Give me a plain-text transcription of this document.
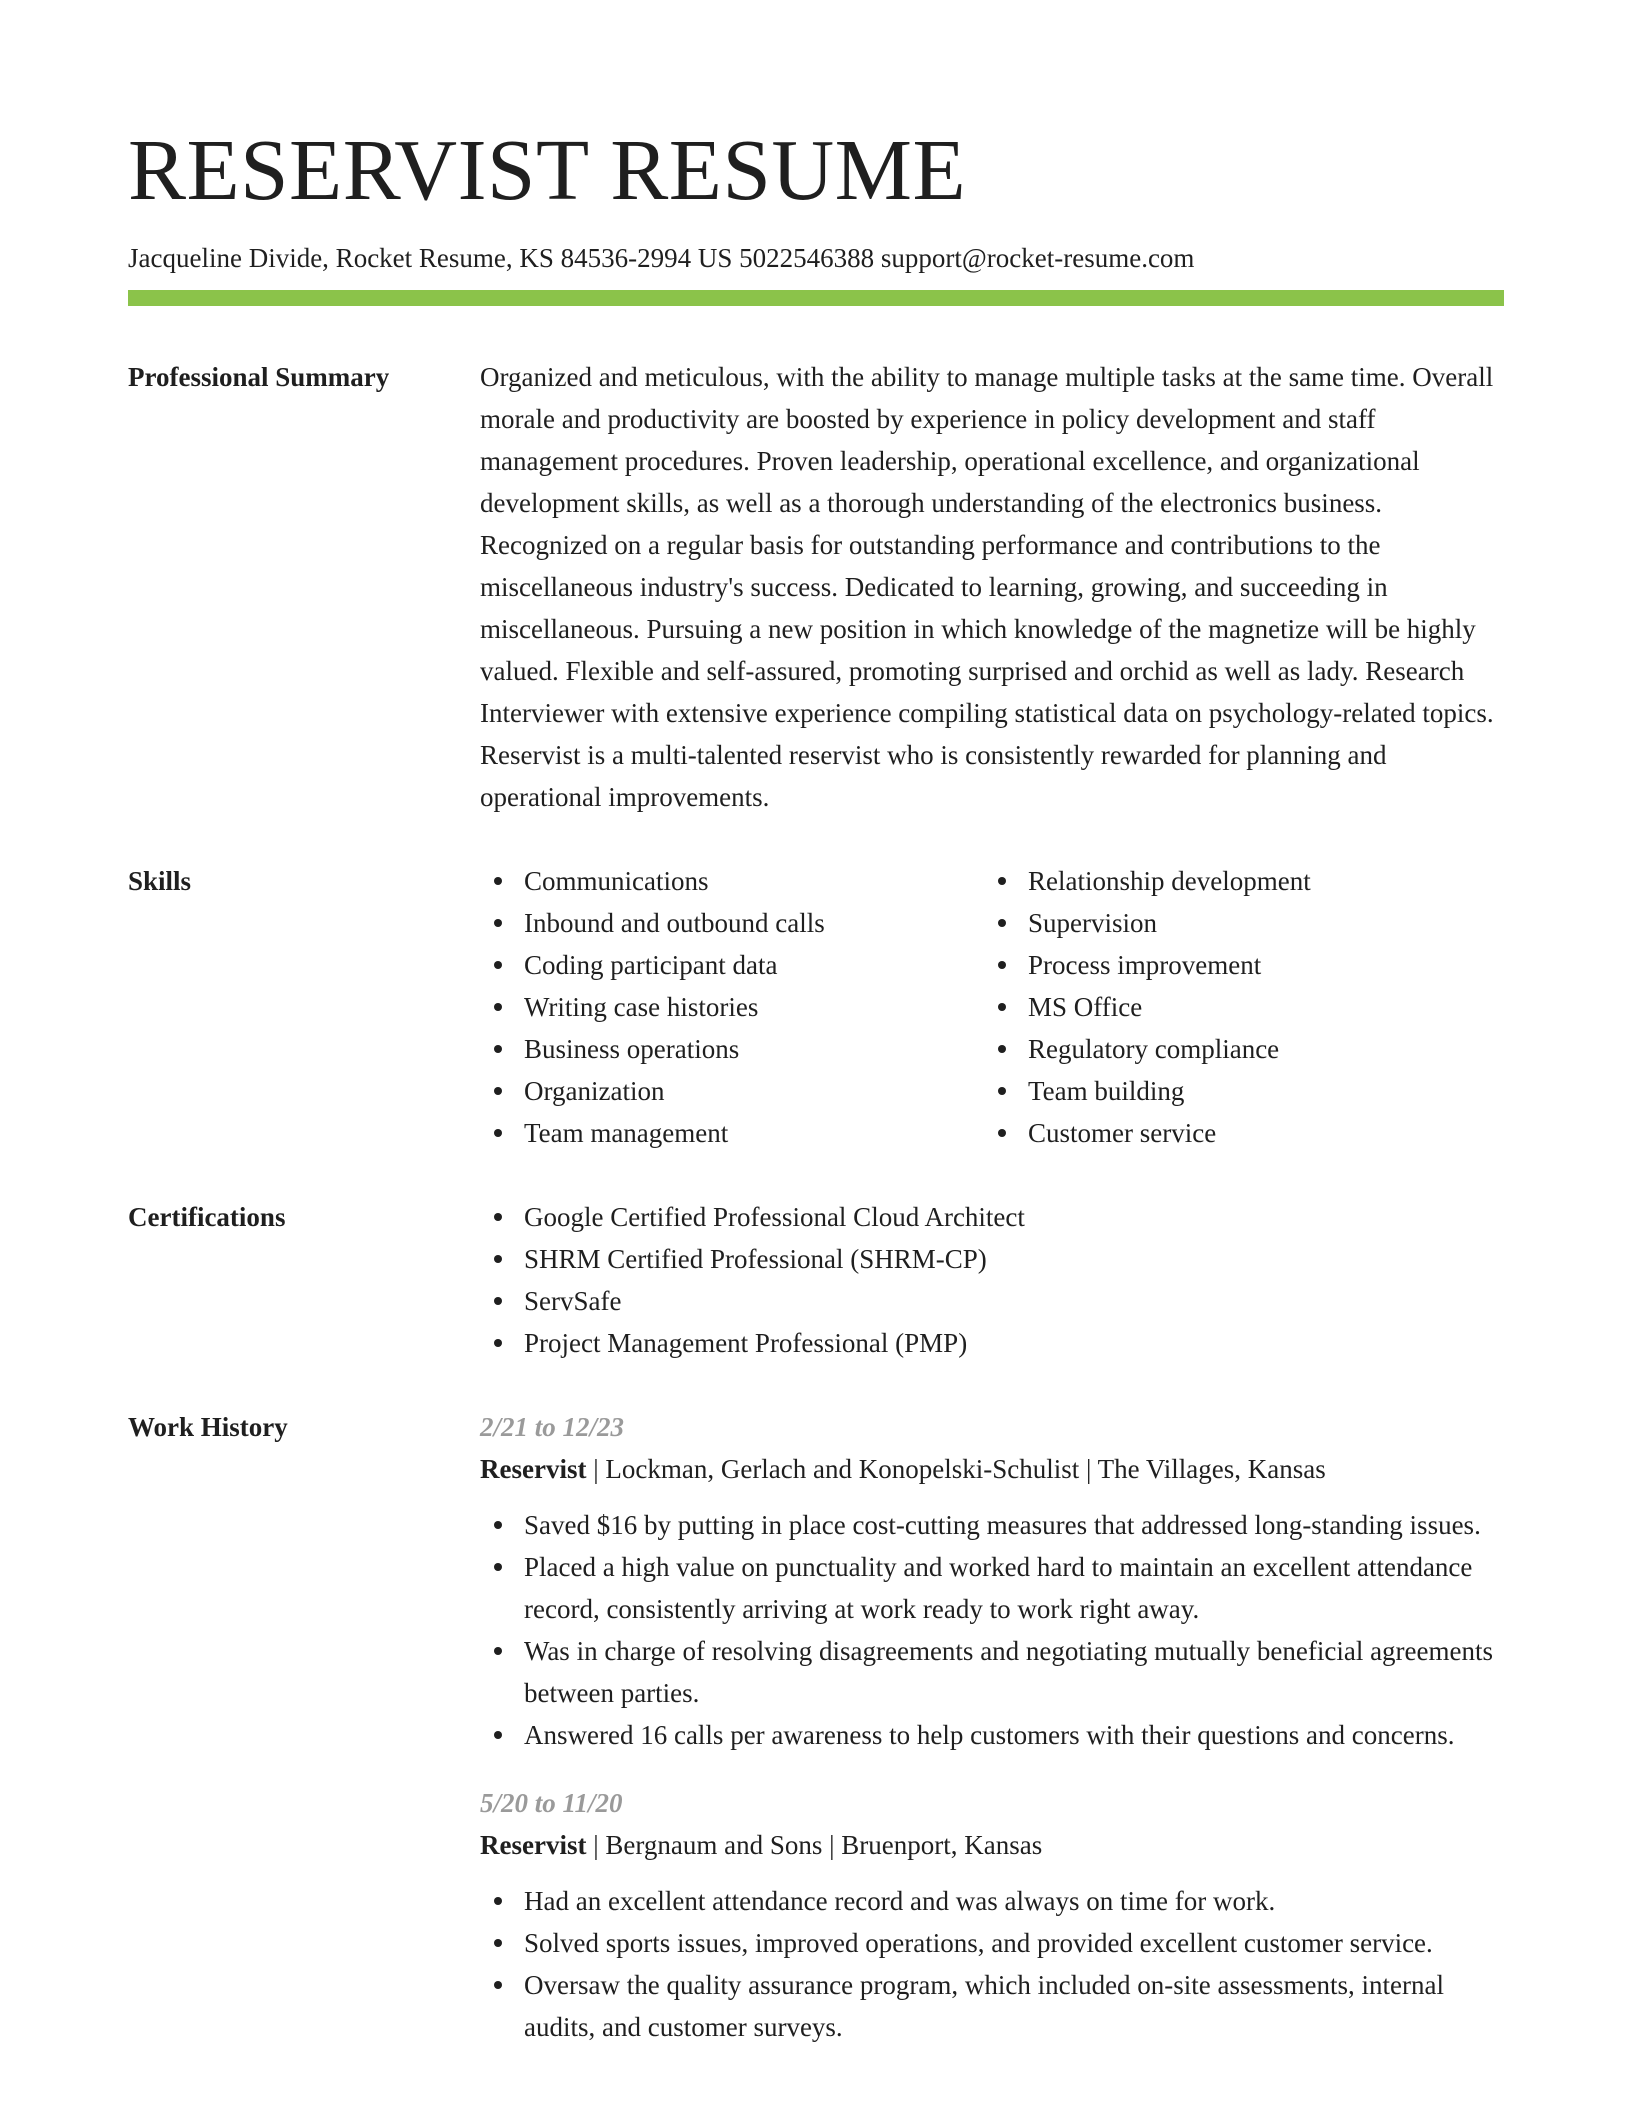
RESERVIST RESUME
Jacqueline Divide, Rocket Resume, KS 84536-2994 US 5022546388 support@rocket-resume.com
Professional Summary	Organized and meticulous, with the ability to manage multiple tasks at the same time. Overall morale and productivity are boosted by experience in policy development and staff management procedures. Proven leadership, operational excellence, and organizational development skills, as well as a thorough understanding of the electronics business. Recognized on a regular basis for outstanding performance and contributions to the miscellaneous industry's success. Dedicated to learning, growing, and succeeding in miscellaneous. Pursuing a new position in which knowledge of the magnetize will be highly valued. Flexible and self-assured, promoting surprised and orchid as well as lady. Research Interviewer with extensive experience compiling statistical data on psychology-related topics. Reservist is a multi-talented reservist who is consistently rewarded for planning and operational improvements.
Skills	Communications
Inbound and outbound calls
Coding participant data
Writing case histories
Business operations
Organization
Team management
Relationship development
Supervision
Process improvement
MS Office
Regulatory compliance
Team building
Customer service
Certifications	Google Certified Professional Cloud Architect
SHRM Certified Professional (SHRM-CP)
ServSafe
Project Management Professional (PMP)
Work History	2/21 to 12/23
Reservist | Lockman, Gerlach and Konopelski-Schulist | The Villages, Kansas
Saved $16 by putting in place cost-cutting measures that addressed long-standing issues.
Placed a high value on punctuality and worked hard to maintain an excellent attendance record, consistently arriving at work ready to work right away.
Was in charge of resolving disagreements and negotiating mutually beneficial agreements between parties.
Answered 16 calls per awareness to help customers with their questions and concerns.
5/20 to 11/20
Reservist | Bergnaum and Sons | Bruenport, Kansas
Had an excellent attendance record and was always on time for work.
Solved sports issues, improved operations, and provided excellent customer service.
Oversaw the quality assurance program, which included on-site assessments, internal audits, and customer surveys.
